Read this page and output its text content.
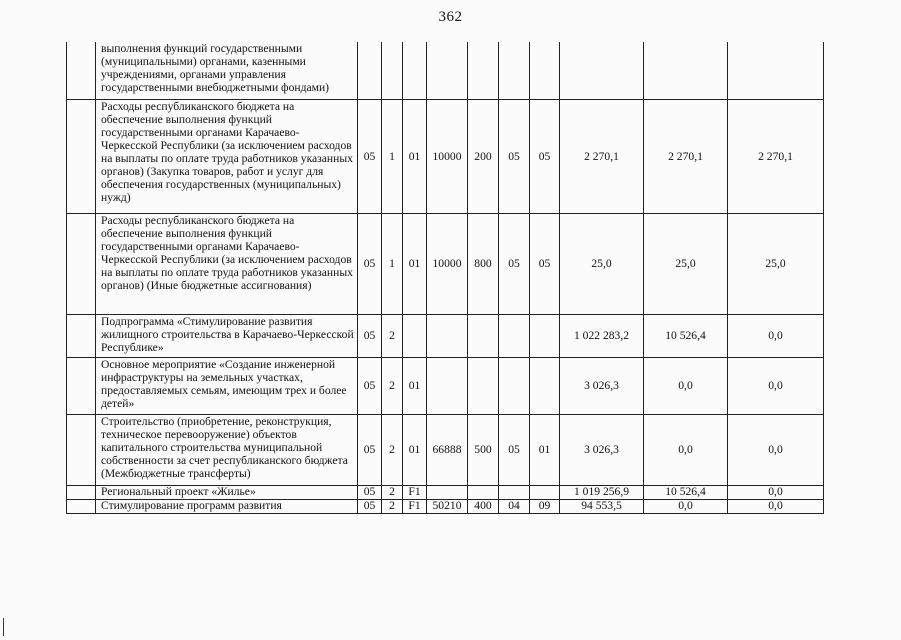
362
	выполнения функций государственными (муниципальными) органами, казенными учреждениями, органами управления государственными внебюджетными фондами)										
	Расходы республиканского бюджета на обеспечение выполнения функций государственными органами Карачаево-Черкесской Республики (за исключением расходов на выплаты по оплате труда работников указанных органов) (Закупка товаров, работ и услуг для обеспечения государственных (муниципальных) нужд)	05	1	01	10000	200	05	05	2 270,1	2 270,1	2 270,1
	Расходы республиканского бюджета на обеспечение выполнения функций государственными органами Карачаево-Черкесской Республики (за исключением расходов на выплаты по оплате труда работников указанных органов) (Иные бюджетные ассигнования)	05	1	01	10000	800	05	05	25,0	25,0	25,0
	Подпрограмма «Стимулирование развития жилищного строительства в Карачаево-Черкесской Республике»	05	2						1 022 283,2	10 526,4	0,0
	Основное мероприятие «Создание инженерной инфраструктуры на земельных участках, предоставляемых семьям, имеющим трех и более детей»	05	2	01					3 026,3	0,0	0,0
	Строительство (приобретение, реконструкция, техническое перевооружение) объектов капитального строительства муниципальной собственности за счет республиканского бюджета (Межбюджетные трансферты)	05	2	01	66888	500	05	01	3 026,3	0,0	0,0
	Региональный проект «Жилье»	05	2	F1					1 019 256,9	10 526,4	0,0
	Стимулирование программ развития	05	2	F1	50210	400	04	09	94 553,5	0,0	0,0
